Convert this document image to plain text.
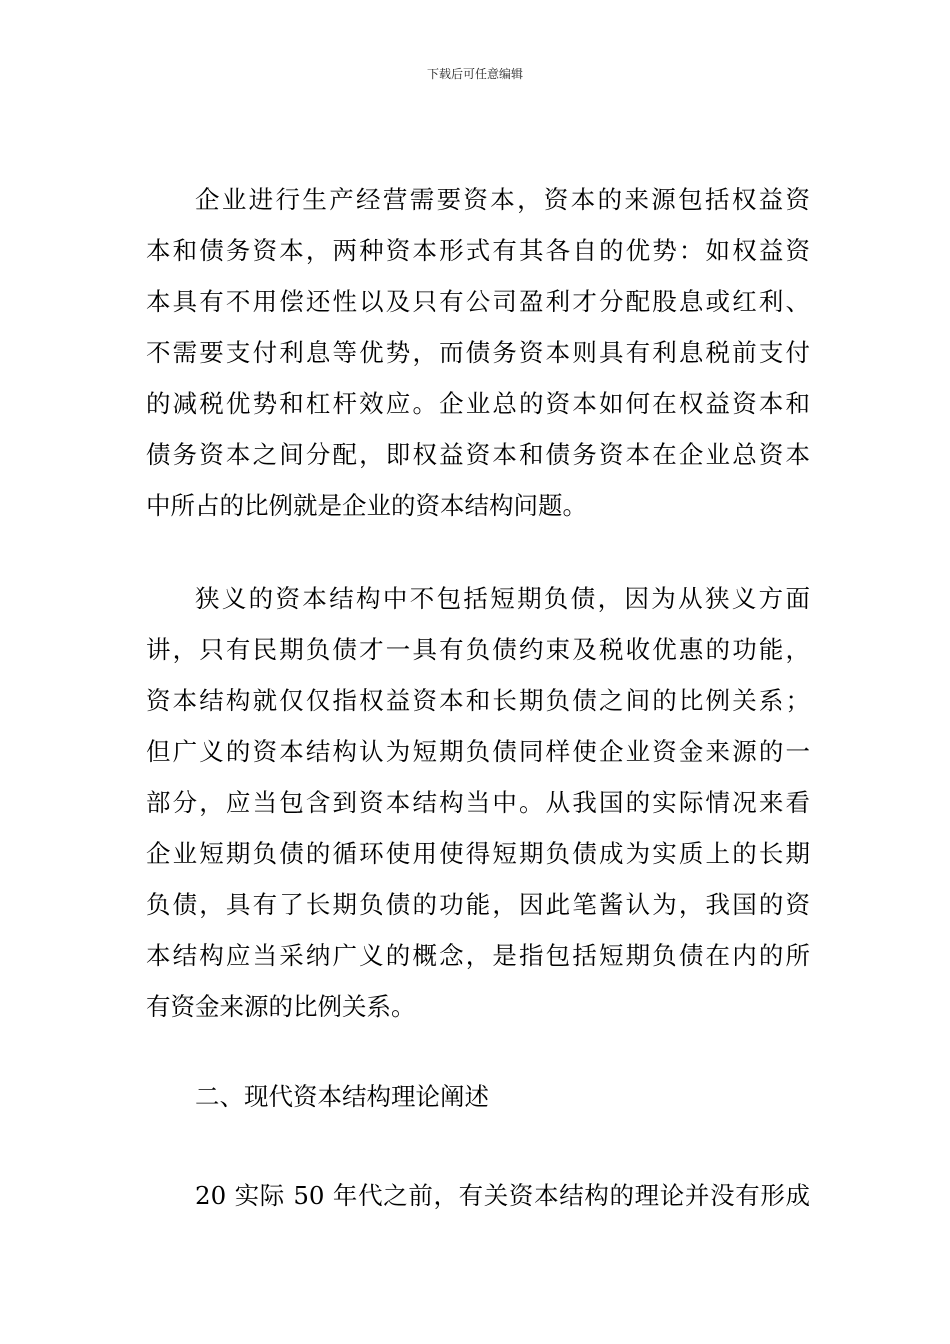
下载后可任意编辑
企业进行生产经营需要资本，资本的来源包括权益资
本和债务资本，两种资本形式有其各自的优势：如权益资
本具有不用偿还性以及只有公司盈利才分配股息或红利、
不需要支付利息等优势，而债务资本则具有利息税前支付
的减税优势和杠杆效应。企业总的资本如何在权益资本和
债务资本之间分配，即权益资本和债务资本在企业总资本
中所占的比例就是企业的资本结构问题。
狭义的资本结构中不包括短期负债，因为从狭义方面
讲，只有民期负债才一具有负债约束及税收优惠的功能，
资本结构就仅仅指权益资本和长期负债之间的比例关系；
但广义的资本结构认为短期负债同样使企业资金来源的一
部分，应当包含到资本结构当中。从我国的实际情况来看
企业短期负债的循环使用使得短期负债成为实质上的长期
负债，具有了长期负债的功能，因此笔酱认为，我国的资
本结构应当采纳广义的概念，是指包括短期负债在内的所
有资金来源的比例关系。
二、现代资本结构理论阐述
20 实际 50 年代之前，有关资本结构的理论并没有形成
